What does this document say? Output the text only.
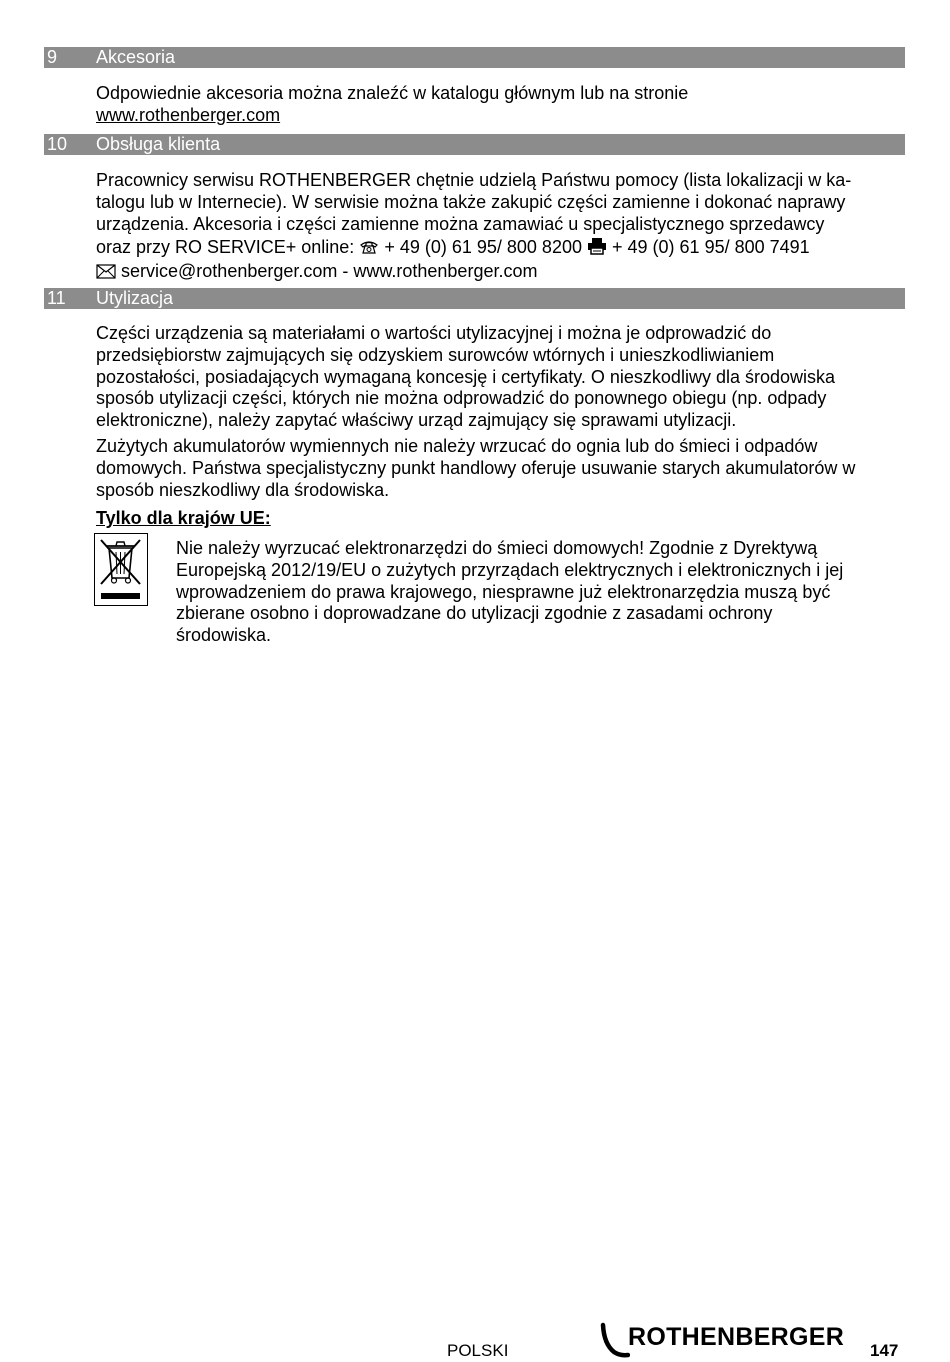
9 Akcesoria
Odpowiednie akcesoria można znaleźć w katalogu głównym lub na stronie
www.rothenberger.com
10 Obsługa klienta
Pracownicy serwisu ROTHENBERGER chętnie udzielą Państwu pomocy (lista lokalizacji w ka-
talogu lub w Internecie). W serwisie można także zakupić części zamienne i dokonać naprawy
urządzenia. Akcesoria i części zamienne można zamawiać u specjalistycznego sprzedawcy
oraz przy RO SERVICE+ online: + 49 (0) 61 95/ 800 8200 + 49 (0) 61 95/ 800 7491
service@rothenberger.com - www.rothenberger.com
11 Utylizacja
Części urządzenia są materiałami o wartości utylizacyjnej i można je odprowadzić do
przedsiębiorstw zajmujących się odzyskiem surowców wtórnych i unieszkodliwianiem
pozostałości, posiadających wymaganą koncesję i certyfikaty. O nieszkodliwy dla środowiska
sposób utylizacji części, których nie można odprowadzić do ponownego obiegu (np. odpady
elektroniczne), należy zapytać właściwy urząd zajmujący się sprawami utylizacji.
Zużytych akumulatorów wymiennych nie należy wrzucać do ognia lub do śmieci i odpadów
domowych. Państwa specjalistyczny punkt handlowy oferuje usuwanie starych akumulatorów w
sposób nieszkodliwy dla środowiska.
Tylko dla krajów UE:
Nie należy wyrzucać elektronarzędzi do śmieci domowych! Zgodnie z Dyrektywą
Europejską 2012/19/EU o zużytych przyrządach elektrycznych i elektronicznych i jej
wprowadzeniem do prawa krajowego, niesprawne już elektronarzędzia muszą być
zbierane osobno i doprowadzane do utylizacji zgodnie z zasadami ochrony
środowiska.
POLSKI	ROTHENBERGER 147
